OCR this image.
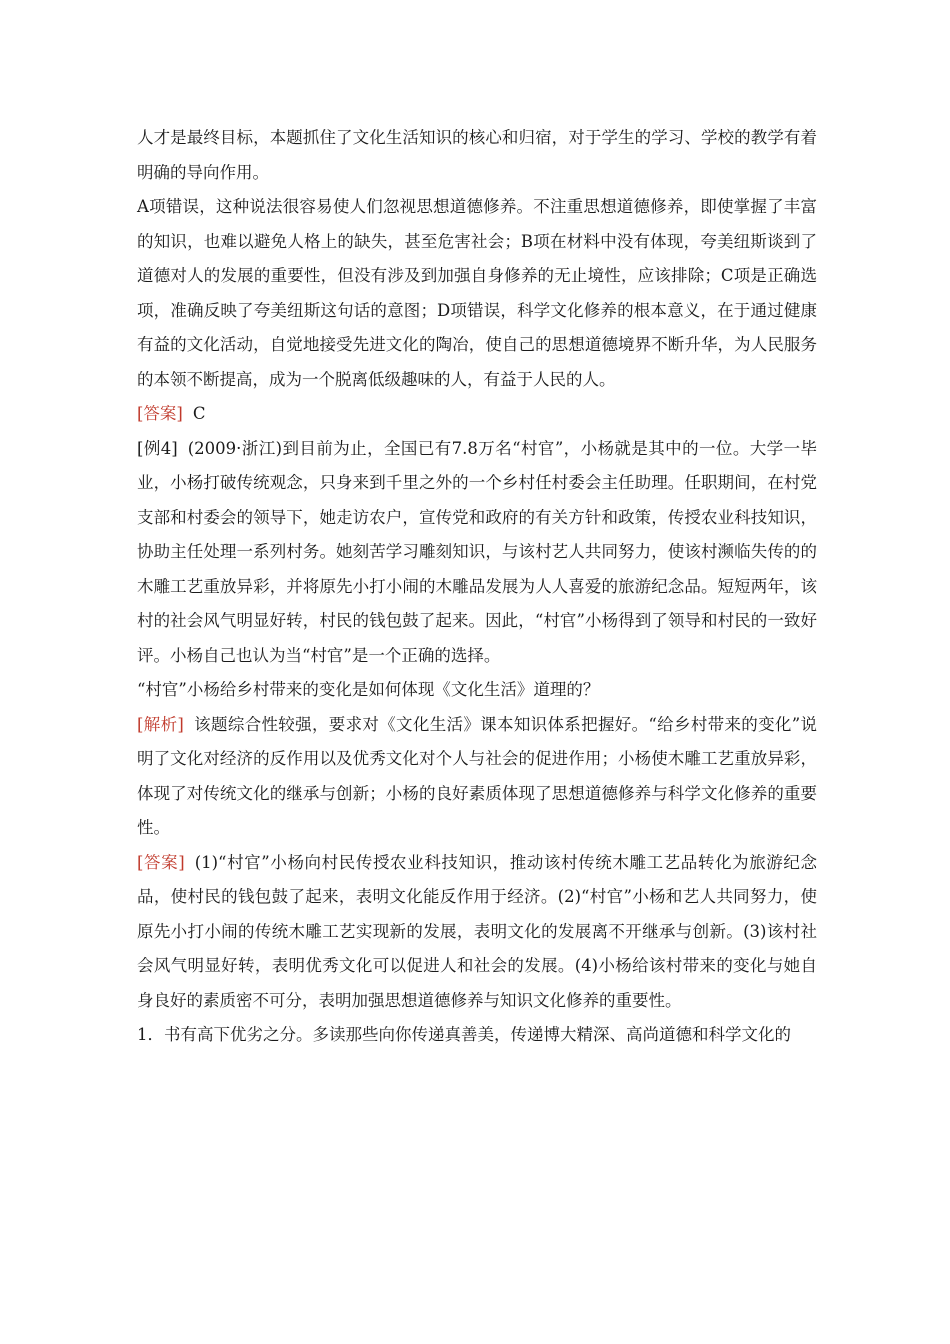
人才是最终目标，本题抓住了文化生活知识的核心和归宿，对于学生的学习、学校的教学有着明确的导向作用。

A项错误，这种说法很容易使人们忽视思想道德修养。不注重思想道德修养，即使掌握了丰富的知识，也难以避免人格上的缺失，甚至危害社会；B项在材料中没有体现，夸美纽斯谈到了道德对人的发展的重要性，但没有涉及到加强自身修养的无止境性，应该排除；C项是正确选项，准确反映了夸美纽斯这句话的意图；D项错误，科学文化修养的根本意义，在于通过健康有益的文化活动，自觉地接受先进文化的陶冶，使自己的思想道德境界不断升华，为人民服务的本领不断提高，成为一个脱离低级趣味的人，有益于人民的人。

[答案] C

[例4] (2009·浙江)到目前为止，全国已有7.8万名“村官”，小杨就是其中的一位。大学一毕业，小杨打破传统观念，只身来到千里之外的一个乡村任村委会主任助理。任职期间，在村党支部和村委会的领导下，她走访农户，宣传党和政府的有关方针和政策，传授农业科技知识，协助主任处理一系列村务。她刻苦学习雕刻知识，与该村艺人共同努力，使该村濒临失传的的木雕工艺重放异彩，并将原先小打小闹的木雕品发展为人人喜爱的旅游纪念品。短短两年，该村的社会风气明显好转，村民的钱包鼓了起来。因此，“村官”小杨得到了领导和村民的一致好评。小杨自己也认为当“村官”是一个正确的选择。

“村官”小杨给乡村带来的变化是如何体现《文化生活》道理的？

[解析] 该题综合性较强，要求对《文化生活》课本知识体系把握好。“给乡村带来的变化”说明了文化对经济的反作用以及优秀文化对个人与社会的促进作用；小杨使木雕工艺重放异彩，体现了对传统文化的继承与创新；小杨的良好素质体现了思想道德修养与科学文化修养的重要性。

[答案] (1)“村官”小杨向村民传授农业科技知识，推动该村传统木雕工艺品转化为旅游纪念品，使村民的钱包鼓了起来，表明文化能反作用于经济。(2)“村官”小杨和艺人共同努力，使原先小打小闹的传统木雕工艺实现新的发展，表明文化的发展离不开继承与创新。(3)该村社会风气明显好转，表明优秀文化可以促进人和社会的发展。(4)小杨给该村带来的变化与她自身良好的素质密不可分，表明加强思想道德修养与知识文化修养的重要性。

1．书有高下优劣之分。多读那些向你传递真善美，传递博大精深、高尚道德和科学文化的
